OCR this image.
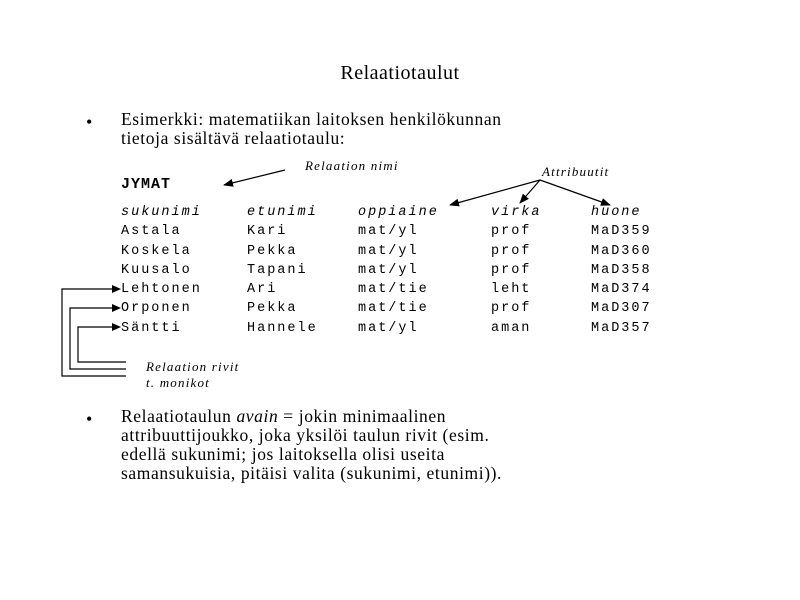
Relaatiotaulut
• Esimerkki: matematiikan laitoksen henkilökunnan
tietoja sisältävä relaatiotaulu:
Relaation nimi	Attribuutit
JYMAT
sukunimi	etunimi	oppiaine	virka	huone
Astala	Kari	mat/yl	prof	MaD359
Koskela	Pekka	mat/yl	prof	MaD360
Kuusalo	Tapani	mat/yl	prof	MaD358
Lehtonen	Ari	mat/tie	leht	MaD374
Orponen	Pekka	mat/tie	prof	MaD307
Säntti	Hannele	mat/yl	aman	MaD357
Relaation rivit
t. monikot
• Relaatiotaulun avain = jokin minimaalinen
attribuuttijoukko, joka yksilöi taulun rivit (esim.
edellä sukunimi; jos laitoksella olisi useita
samansukuisia, pitäisi valita (sukunimi, etunimi)).
